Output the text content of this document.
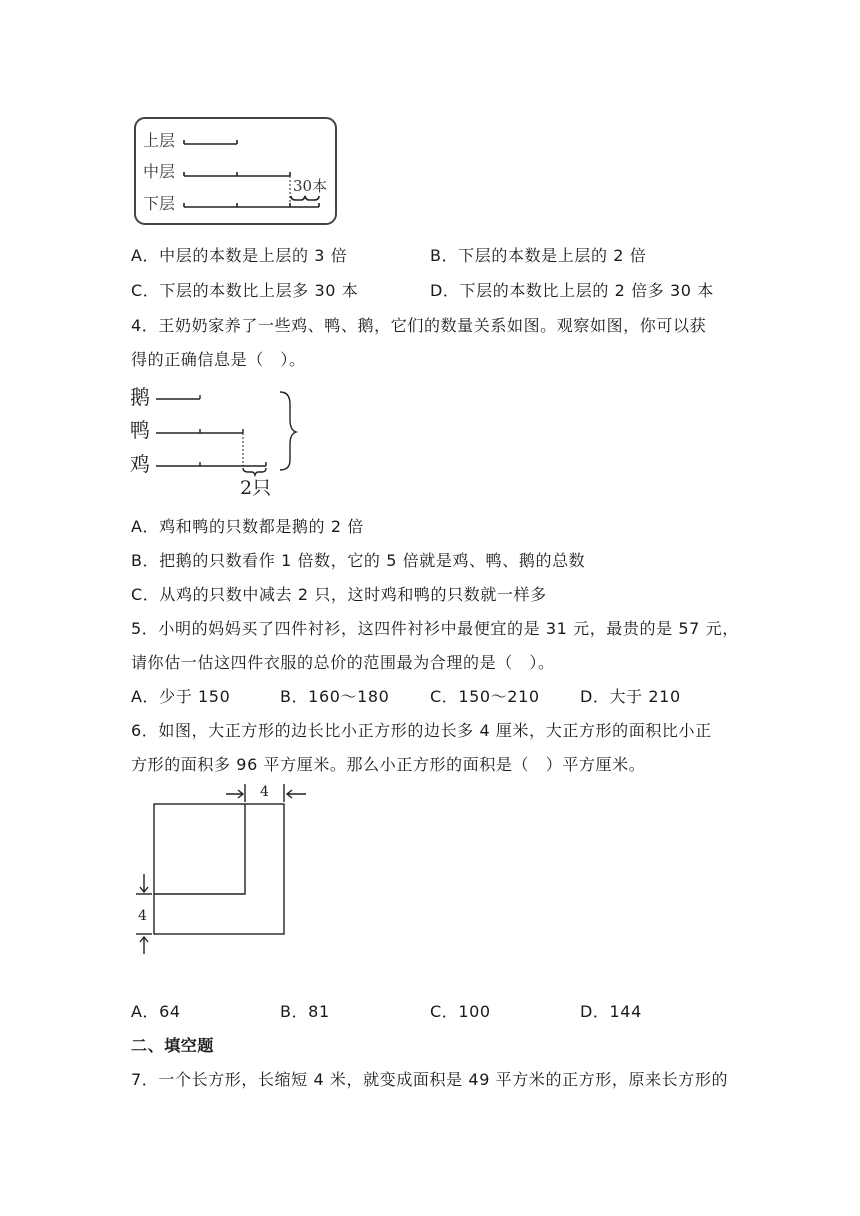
上层
中层
下层
30本
A．中层的本数是上层的 3 倍	B．下层的本数是上层的 2 倍
C．下层的本数比上层多 30 本	D．下层的本数比上层的 2 倍多 30 本
4．王奶奶家养了一些鸡、鸭、鹅，它们的数量关系如图。观察如图，你可以获
得的正确信息是（　）。
鹅
鸭
鸡
2只
A．鸡和鸭的只数都是鹅的 2 倍
B．把鹅的只数看作 1 倍数，它的 5 倍就是鸡、鸭、鹅的总数
C．从鸡的只数中减去 2 只，这时鸡和鸭的只数就一样多
5．小明的妈妈买了四件衬衫，这四件衬衫中最便宜的是 31 元，最贵的是 57 元，
请你估一估这四件衣服的总价的范围最为合理的是（　）。
A．少于 150	B．160～180	C．150～210	D．大于 210
6．如图，大正方形的边长比小正方形的边长多 4 厘米，大正方形的面积比小正
方形的面积多 96 平方厘米。那么小正方形的面积是（　）平方厘米。
4
4
A．64	B．81	C．100	D．144
二、填空题
7．一个长方形，长缩短 4 米，就变成面积是 49 平方米的正方形，原来长方形的
